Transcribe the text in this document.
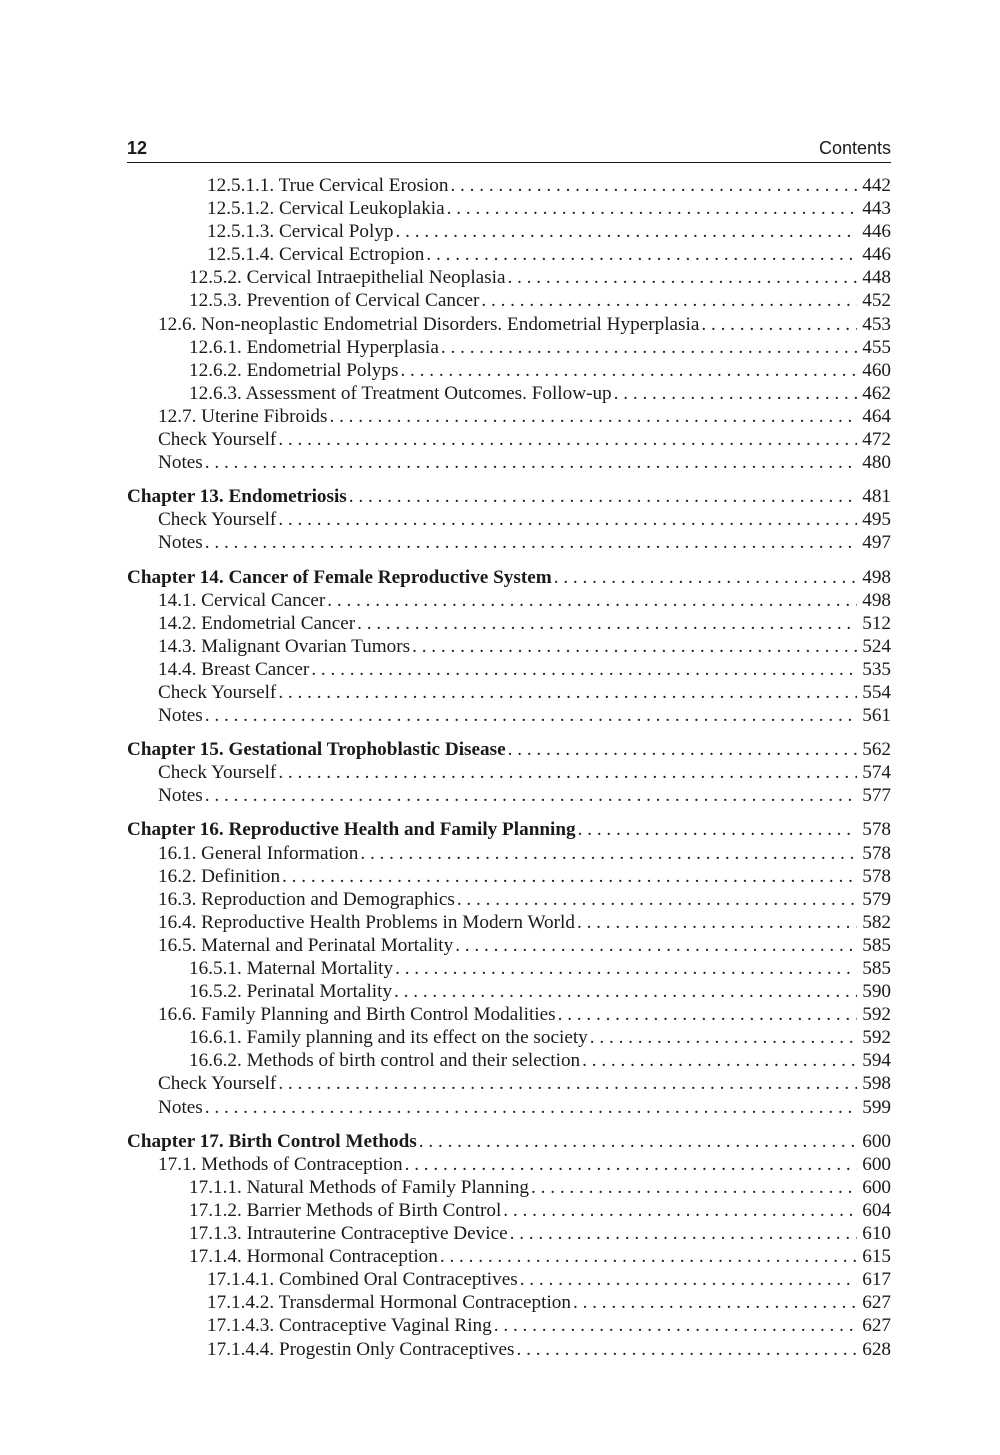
12	Contents
12.5.1.1. True Cervical Erosion . . .	442
12.5.1.2. Cervical Leukoplakia . . .	443
12.5.1.3. Cervical Polyp . . .	446
12.5.1.4. Cervical Ectropion . . .	446
12.5.2. Cervical Intraepithelial Neoplasia . . .	448
12.5.3. Prevention of Cervical Cancer . . .	452
12.6. Non-neoplastic Endometrial Disorders. Endometrial Hyperplasia . . .	453
12.6.1. Endometrial Hyperplasia . . .	455
12.6.2. Endometrial Polyps . . .	460
12.6.3. Assessment of Treatment Outcomes. Follow-up . . .	462
12.7. Uterine Fibroids . . .	464
Check Yourself . . .	472
Notes . . .	480
Chapter 13. Endometriosis . . .	481
Check Yourself . . .	495
Notes . . .	497
Chapter 14. Cancer of Female Reproductive System . . .	498
14.1. Cervical Cancer . . .	498
14.2. Endometrial Cancer . . .	512
14.3. Malignant Ovarian Tumors . . .	524
14.4. Breast Cancer . . .	535
Check Yourself . . .	554
Notes . . .	561
Chapter 15. Gestational Trophoblastic Disease . . .	562
Check Yourself . . .	574
Notes . . .	577
Chapter 16. Reproductive Health and Family Planning . . .	578
16.1. General Information . . .	578
16.2. Definition . . .	578
16.3. Reproduction and Demographics . . .	579
16.4. Reproductive Health Problems in Modern World . . .	582
16.5. Maternal and Perinatal Mortality . . .	585
16.5.1. Maternal Mortality . . .	585
16.5.2. Perinatal Mortality . . .	590
16.6. Family Planning and Birth Control Modalities . . .	592
16.6.1. Family planning and its effect on the society . . .	592
16.6.2. Methods of birth control and their selection . . .	594
Check Yourself . . .	598
Notes . . .	599
Chapter 17. Birth Control Methods . . .	600
17.1. Methods of Contraception . . .	600
17.1.1. Natural Methods of Family Planning . . .	600
17.1.2. Barrier Methods of Birth Control . . .	604
17.1.3. Intrauterine Contraceptive Device . . .	610
17.1.4. Hormonal Contraception . . .	615
17.1.4.1. Combined Oral Contraceptives . . .	617
17.1.4.2. Transdermal Hormonal Contraception . . .	627
17.1.4.3. Contraceptive Vaginal Ring . . .	627
17.1.4.4. Progestin Only Contraceptives . . .	628
